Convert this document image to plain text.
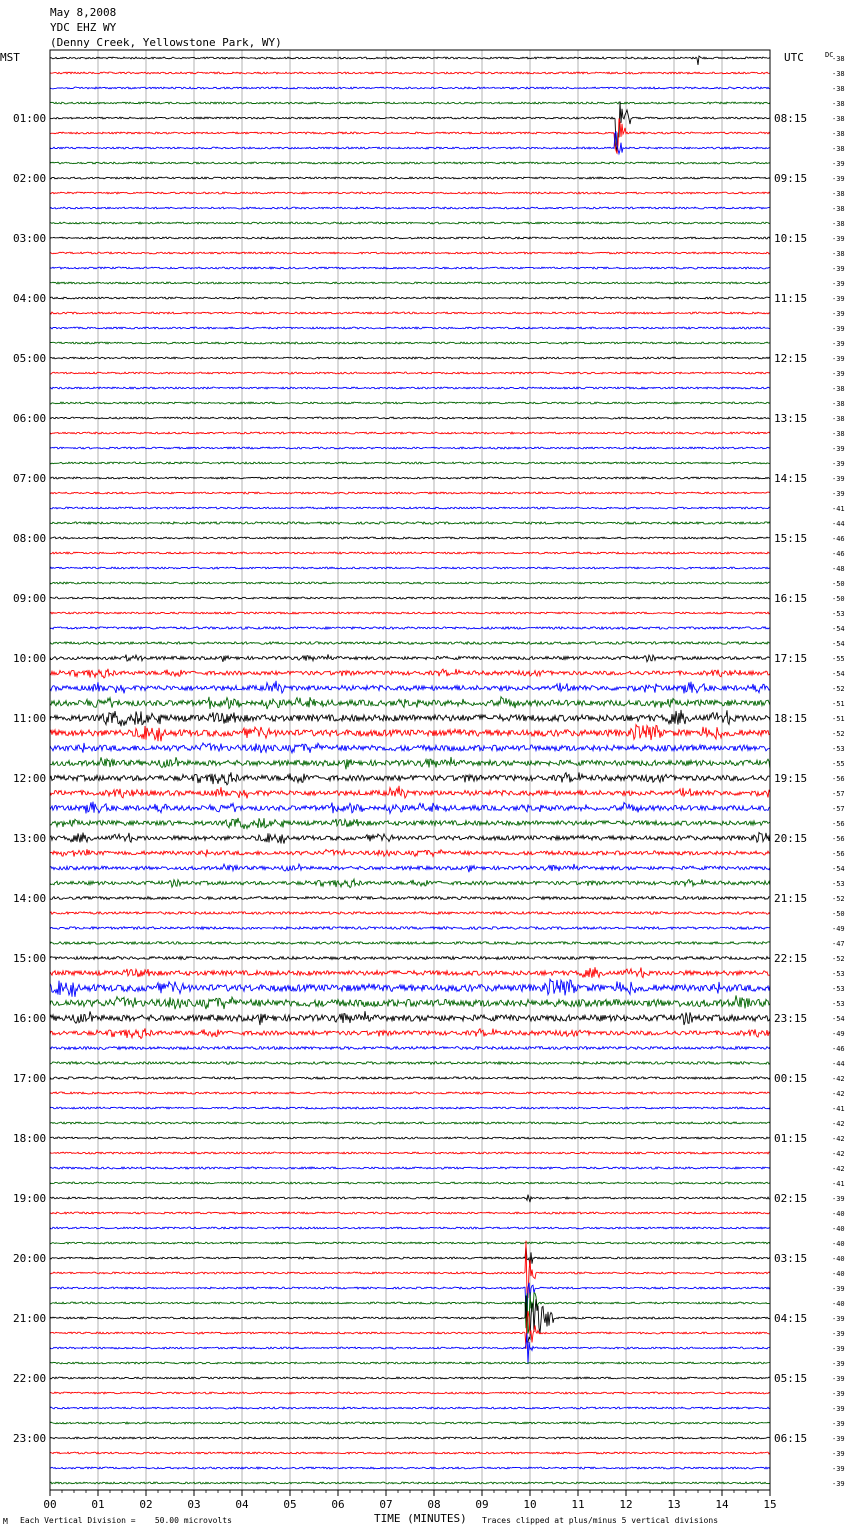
May 8,2008
YDC EHZ WY
(Denny Creek, Yellowstone Park, WY)
MST	UTC	DC
01:00
02:00
03:00
04:00
05:00
06:00
07:00
08:00
09:00
10:00
11:00
12:00
13:00
14:00
15:00
16:00
17:00
18:00
19:00
20:00
21:00
22:00
23:00
08:15
09:15
10:15
11:15
12:15
13:15
14:15
15:15
16:15
17:15
18:15
19:15
20:15
21:15
22:15
23:15
00:15
01:15
02:15
03:15
04:15
05:15
06:15
-38
-38
-38
-38
-38
-38
-38
-39
-39
-38
-38
-38
-39
-38
-39
-39
-39
-39
-39
-39
-39
-39
-38
-38
-38
-38
-39
-39
-39
-39
-41
-44
-46
-46
-48
-50
-50
-53
-54
-54
-55
-54
-52
-51
-51
-52
-53
-55
-56
-57
-57
-56
-56
-56
-54
-53
-52
-50
-49
-47
-52
-53
-53
-53
-54
-49
-46
-44
-42
-42
-41
-42
-42
-42
-42
-41
-39
-40
-40
-40
-40
-40
-39
-40
-39
-39
-39
-39
-39
-39
-39
-39
-39
-39
-39
-39
00	01	02	03	04	05	06	07	08	09	10	11	12	13	14	15
M Each Vertical Division =    50.00 microvolts	TIME (MINUTES) Traces clipped at plus/minus 5 vertical divisions
